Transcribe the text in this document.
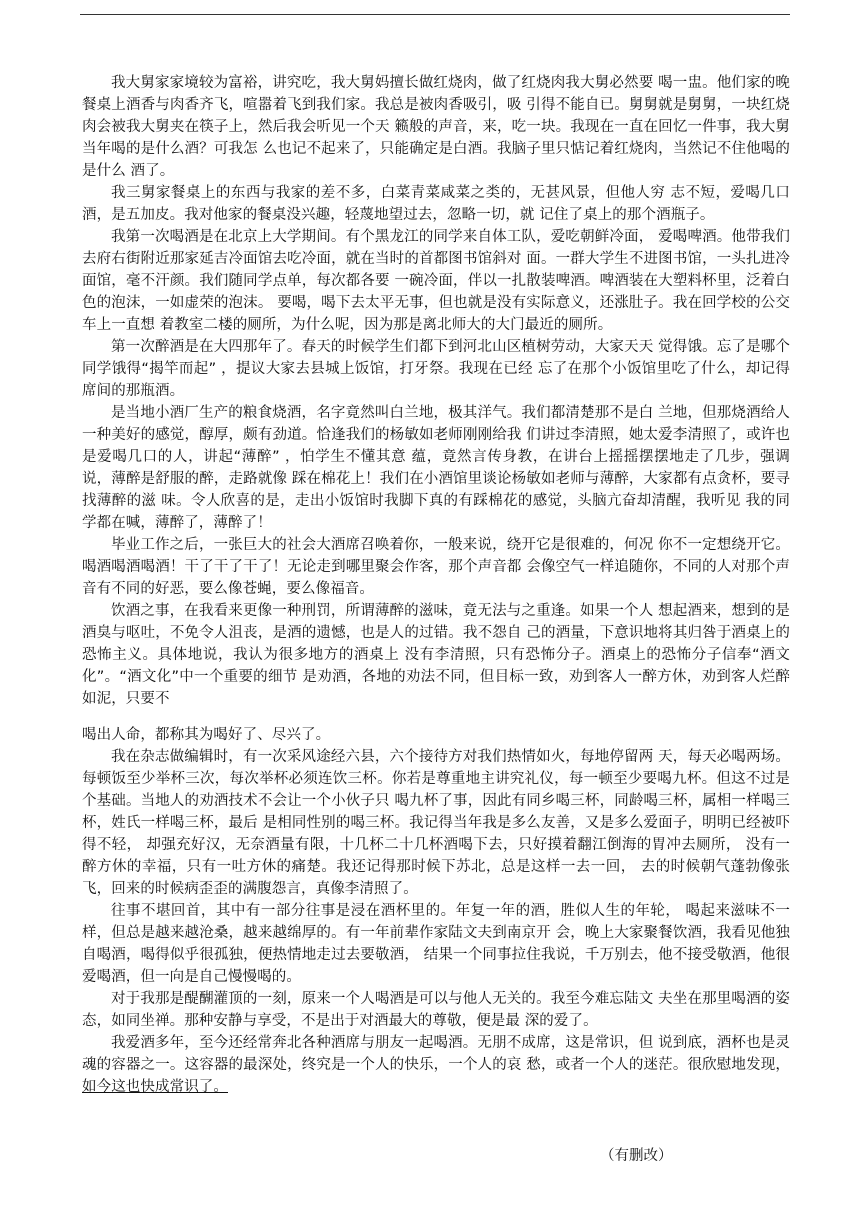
我大舅家家境较为富裕，讲究吃，我大舅妈擅长做红烧肉，做了红烧肉我大舅必然要 喝一盅。他们家的晚餐桌上酒香与肉香齐飞，喧嚣着飞到我们家。我总是被肉香吸引，吸 引得不能自已。舅舅就是舅舅，一块红烧肉会被我大舅夹在筷子上，然后我会听见一个天 籁般的声音，来，吃一块。我现在一直在回忆一件事，我大舅当年喝的是什么酒？可我怎 么也记不起来了，只能确定是白酒。我脑子里只惦记着红烧肉，当然记不住他喝的是什么 酒了。

我三舅家餐桌上的东西与我家的差不多，白菜青菜咸菜之类的，无甚风景，但他人穷 志不短，爱喝几口酒，是五加皮。我对他家的餐桌没兴趣，轻蔑地望过去，忽略一切，就 记住了桌上的那个酒瓶子。

我第一次喝酒是在北京上大学期间。有个黑龙江的同学来自体工队，爱吃朝鲜冷面， 爱喝啤酒。他带我们去府右街附近那家延吉冷面馆去吃冷面，就在当时的首都图书馆斜对 面。一群大学生不进图书馆，一头扎进冷面馆，毫不汗颜。我们随同学点单，每次都各要 一碗冷面，伴以一扎散装啤酒。啤酒装在大塑料杯里，泛着白色的泡沫，一如虚荣的泡沫。 要喝，喝下去太平无事，但也就是没有实际意义，还涨肚子。我在回学校的公交车上一直想 着教室二楼的厕所，为什么呢，因为那是离北师大的大门最近的厕所。

第一次醉酒是在大四那年了。春天的时候学生们都下到河北山区植树劳动，大家天天 觉得饿。忘了是哪个同学饿得“揭竿而起” ，提议大家去县城上饭馆，打牙祭。我现在已经 忘了在那个小饭馆里吃了什么，却记得席间的那瓶酒。

是当地小酒厂生产的粮食烧酒，名字竟然叫白兰地，极其洋气。我们都清楚那不是白 兰地，但那烧酒给人一种美好的感觉，醇厚，颇有劲道。恰逢我们的杨敏如老师刚刚给我 们讲过李清照，她太爱李清照了，或许也是爱喝几口的人，讲起“薄醉” ，怕学生不懂其意 蕴，竟然言传身教，在讲台上摇摇摆摆地走了几步，强调说，薄醉是舒服的醉，走路就像 踩在棉花上！我们在小酒馆里谈论杨敏如老师与薄醉，大家都有点贪杯，要寻找薄醉的滋 味。令人欣喜的是，走出小饭馆时我脚下真的有踩棉花的感觉，头脑亢奋却清醒，我听见 我的同学都在喊，薄醉了，薄醉了！

毕业工作之后，一张巨大的社会大酒席召唤着你，一般来说，绕开它是很难的，何况 你不一定想绕开它。喝酒喝酒喝酒！干了干了干了！无论走到哪里聚会作客，那个声音都 会像空气一样追随你，不同的人对那个声音有不同的好恶，要么像苍蝇，要么像福音。

饮酒之事，在我看来更像一种刑罚，所谓薄醉的滋味，竟无法与之重逢。如果一个人 想起酒来，想到的是酒臭与呕吐，不免令人沮丧，是酒的遗憾，也是人的过错。我不怨自 己的酒量，下意识地将其归咎于酒桌上的恐怖主义。具体地说，我认为很多地方的酒桌上 没有李清照，只有恐怖分子。酒桌上的恐怖分子信奉“酒文化”。“酒文化”中一个重要的细节 是劝酒，各地的劝法不同，但目标一致，劝到客人一醉方休，劝到客人烂醉如泥，只要不

喝出人命，都称其为喝好了、尽兴了。

我在杂志做编辑时，有一次采风途经六县，六个接待方对我们热情如火，每地停留两 天，每天必喝两场。每顿饭至少举杯三次，每次举杯必须连饮三杯。你若是尊重地主讲究礼仪，每一顿至少要喝九杯。但这不过是个基础。当地人的劝酒技术不会让一个小伙子只 喝九杯了事，因此有同乡喝三杯，同龄喝三杯，属相一样喝三杯，姓氏一样喝三杯，最后 是相同性别的喝三杯。我记得当年我是多么友善，又是多么爱面子，明明已经被吓得不轻， 却强充好汉，无奈酒量有限，十几杯二十几杯酒喝下去，只好摸着翻江倒海的胃冲去厕所， 没有一醉方休的幸福，只有一吐方休的痛楚。我还记得那时候下苏北，总是这样一去一回， 去的时候朝气蓬勃像张飞，回来的时候病歪歪的满腹怨言，真像李清照了。

往事不堪回首，其中有一部分往事是浸在酒杯里的。年复一年的酒，胜似人生的年轮， 喝起来滋味不一样，但总是越来越沧桑，越来越绵厚的。有一年前辈作家陆文夫到南京开 会，晚上大家聚餐饮酒，我看见他独自喝酒，喝得似乎很孤独，便热情地走过去要敬酒， 结果一个同事拉住我说，千万别去，他不接受敬酒，他很爱喝酒，但一向是自己慢慢喝的。

对于我那是醍醐灌顶的一刻，原来一个人喝酒是可以与他人无关的。我至今难忘陆文 夫坐在那里喝酒的姿态，如同坐禅。那种安静与享受，不是出于对酒最大的尊敬，便是最 深的爱了。

我爱酒多年，至今还经常奔北各种酒席与朋友一起喝酒。无朋不成席，这是常识，但 说到底，酒杯也是灵魂的容器之一。这容器的最深处，终究是一个人的快乐，一个人的哀 愁，或者一个人的迷茫。很欣慰地发现，如今这也快成常识了。

（有删改）
